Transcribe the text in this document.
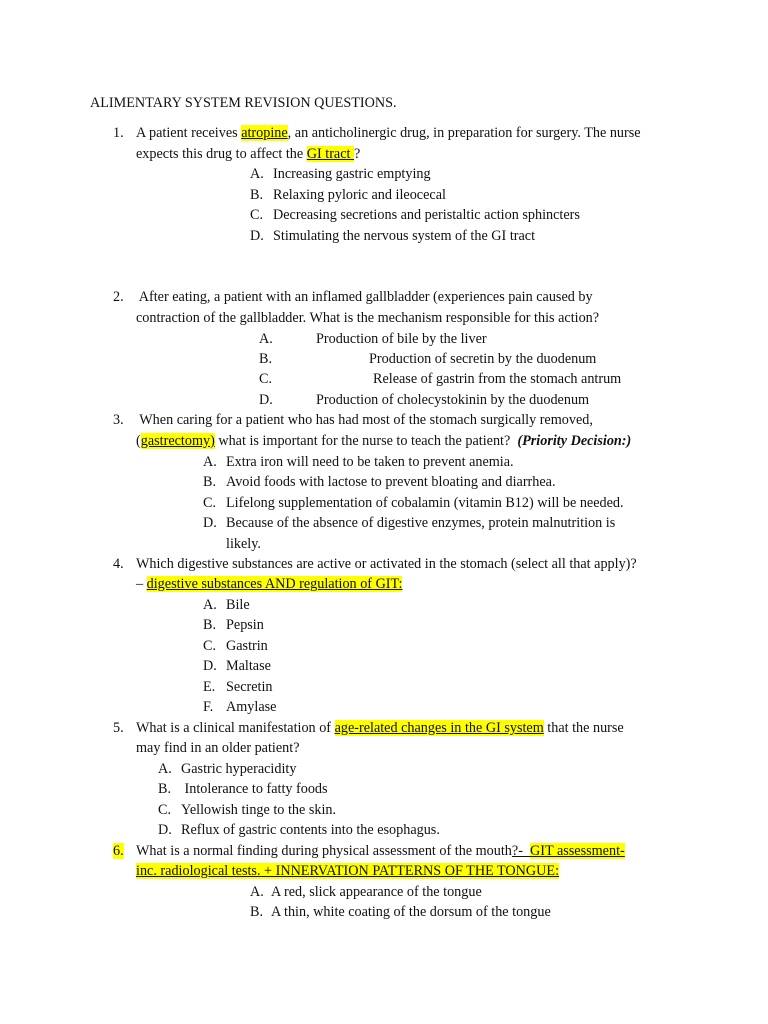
ALIMENTARY SYSTEM REVISION QUESTIONS.
1. A patient receives atropine, an anticholinergic drug, in preparation for surgery. The nurse
expects this drug to affect the GI tract ?
A. Increasing gastric emptying
B. Relaxing pyloric and ileocecal
C. Decreasing secretions and peristaltic action sphincters
D. Stimulating the nervous system of the GI tract
2. After eating, a patient with an inflamed gallbladder (experiences pain caused by
contraction of the gallbladder. What is the mechanism responsible for this action?
A.	Production of bile by the liver
B.	Production of secretin by the duodenum
C.	Release of gastrin from the stomach antrum
D.	Production of cholecystokinin by the duodenum
3. When caring for a patient who has had most of the stomach surgically removed,
(gastrectomy) what is important for the nurse to teach the patient?  (Priority Decision:)
A. Extra iron will need to be taken to prevent anemia.
B. Avoid foods with lactose to prevent bloating and diarrhea.
C. Lifelong supplementation of cobalamin (vitamin B12) will be needed.
D. Because of the absence of digestive enzymes, protein malnutrition is
likely.
4. Which digestive substances are active or activated in the stomach (select all that apply)?
– digestive substances AND regulation of GIT:
A. Bile
B. Pepsin
C. Gastrin
D. Maltase
E. Secretin
F. Amylase
5. What is a clinical manifestation of age-related changes in the GI system that the nurse
may find in an older patient?
A. Gastric hyperacidity
B. Intolerance to fatty foods
C. Yellowish tinge to the skin.
D. Reflux of gastric contents into the esophagus.
6. What is a normal finding during physical assessment of the mouth?-  GIT assessment-
inc. radiological tests. + INNERVATION PATTERNS OF THE TONGUE:
A. A red, slick appearance of the tongue
B. A thin, white coating of the dorsum of the tongue
